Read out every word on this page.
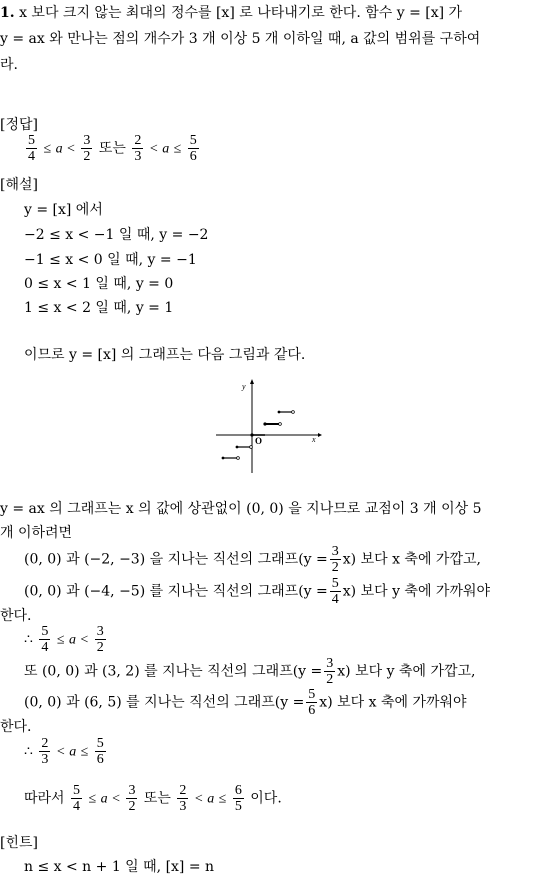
1. x 보다 크지 않는 최대의 정수를 [x] 로 나타내기로 한다. 함수 y = [x] 가
y = ax 와 만나는 점의 개수가 3 개 이상 5 개 이하일 때, a 값의 범위를 구하여
라.
[정답]
$\frac{5}{4} \le a < \frac{3}{2}$ 또는 $\frac{2}{3} < a \le \frac{5}{6}$
[해설]
y = [x] 에서
−2 ≤ x < −1 일 때, y = −2
−1 ≤ x < 0 일 때, y = −1
0 ≤ x < 1 일 때, y = 0
1 ≤ x < 2 일 때, y = 1
이므로 y = [x] 의 그래프는 다음 그림과 같다.
x
y
O
y = ax 의 그래프는 x 의 값에 상관없이 (0, 0) 을 지나므로 교점이 3 개 이상 5
개 이하려면
(0, 0) 과 (−2, −3) 을 지나는 직선의 그래프$(y = \frac{3}{2} x)$ 보다 x 축에 가깝고,
(0, 0) 과 (−4, −5) 를 지나는 직선의 그래프$(y = \frac{5}{4} x)$ 보다 y 축에 가까워야
한다.
∴ $\frac{5}{4} \le a < \frac{3}{2}$
또 (0, 0) 과 (3, 2) 를 지나는 직선의 그래프$(y = \frac{3}{2} x)$ 보다 y 축에 가깝고,
(0, 0) 과 (6, 5) 를 지나는 직선의 그래프$(y = \frac{5}{6} x)$ 보다 x 축에 가까워야
한다.
∴ $\frac{2}{3} < a \le \frac{5}{6}$
따라서 $\frac{5}{4} \le a < \frac{3}{2}$ 또는 $\frac{2}{3} < a \le \frac{6}{5}$ 이다.
[힌트]
n ≤ x < n + 1 일 때, [x] = n
